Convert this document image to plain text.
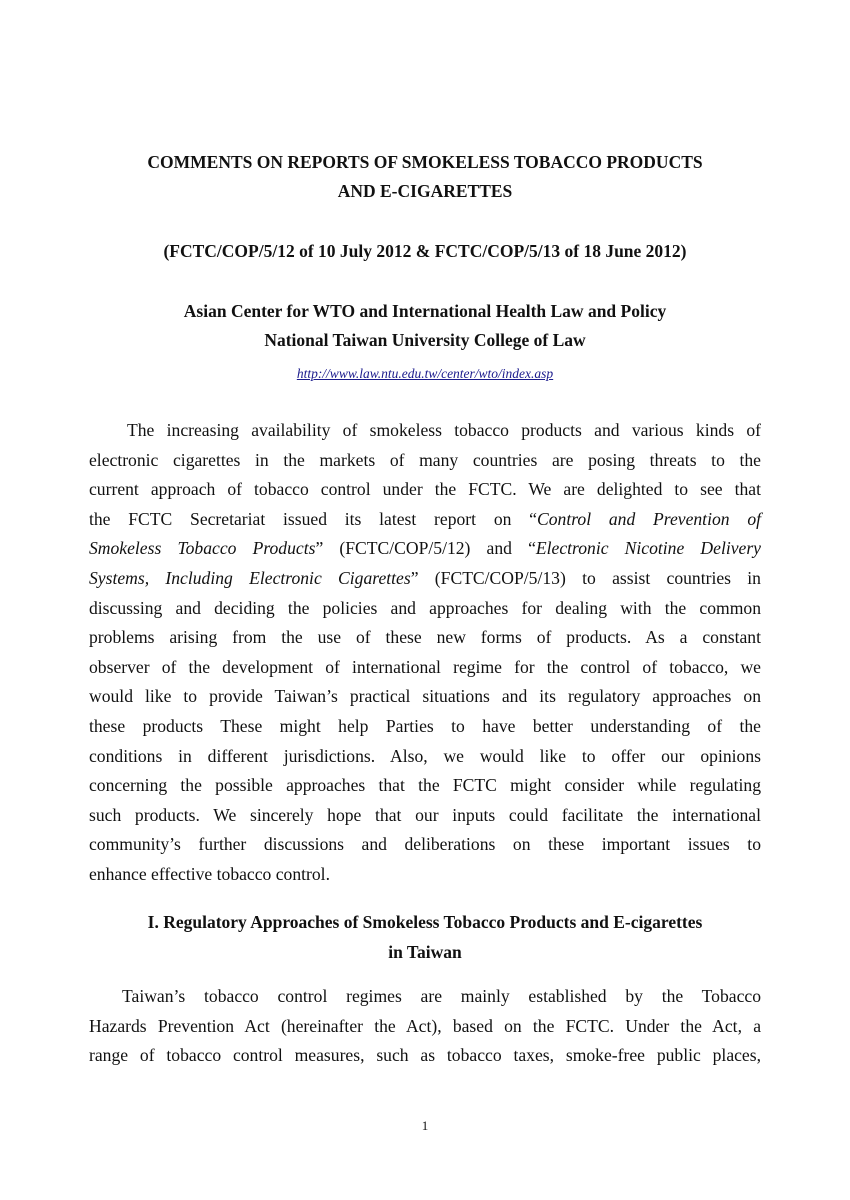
COMMENTS ON REPORTS OF SMOKELESS TOBACCO PRODUCTS
AND E-CIGARETTES

(FCTC/COP/5/12 of 10 July 2012 & FCTC/COP/5/13 of 18 June 2012)

Asian Center for WTO and International Health Law and Policy
National Taiwan University College of Law
http://www.law.ntu.edu.tw/center/wto/index.asp
The increasing availability of smokeless tobacco products and various kinds of
electronic cigarettes in the markets of many countries are posing threats to the
current approach of tobacco control under the FCTC. We are delighted to see that
the FCTC Secretariat issued its latest report on “Control and Prevention of
Smokeless Tobacco Products” (FCTC/COP/5/12) and “Electronic Nicotine Delivery
Systems, Including Electronic Cigarettes” (FCTC/COP/5/13) to assist countries in
discussing and deciding the policies and approaches for dealing with the common
problems arising from the use of these new forms of products. As a constant
observer of the development of international regime for the control of tobacco, we
would like to provide Taiwan’s practical situations and its regulatory approaches on
these products These might help Parties to have better understanding of the
conditions in different jurisdictions. Also, we would like to offer our opinions
concerning the possible approaches that the FCTC might consider while regulating
such products. We sincerely hope that our inputs could facilitate the international
community’s further discussions and deliberations on these important issues to
enhance effective tobacco control.
I. Regulatory Approaches of Smokeless Tobacco Products and E-cigarettes
in Taiwan
Taiwan’s tobacco control regimes are mainly established by the Tobacco
Hazards Prevention Act (hereinafter the Act), based on the FCTC. Under the Act, a
range of tobacco control measures, such as tobacco taxes, smoke-free public places,
1
